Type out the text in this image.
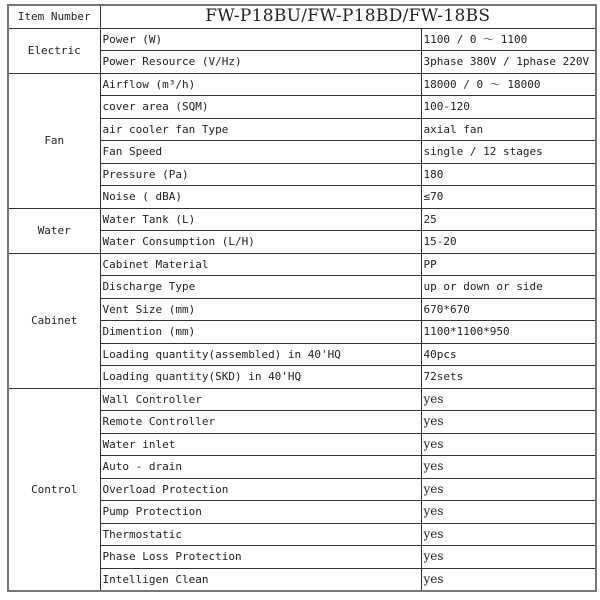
Item Number	FW-P18BU/FW-P18BD/FW-18BS	
Electric	Power (W)	1100 / 0 ～ 1100
	Power Resource (V/Hz)	3phase 380V / 1phase 220V
Fan	Airflow (m³/h)	18000 / 0 ～ 18000
	cover area (SQM)	100-120
	air cooler fan Type	axial fan
	Fan Speed	single / 12 stages
	Pressure (Pa)	180
	Noise ( dBA)	≤70
Water	Water Tank (L)	25
	Water Consumption (L/H)	15-20
Cabinet	Cabinet Material	PP
	Discharge Type	up or down or side
	Vent Size (mm)	670*670
	Dimention (mm)	1100*1100*950
	Loading quantity(assembled) in 40'HQ	40pcs
	Loading quantity(SKD) in 40'HQ	72sets
Control	Wall Controller	yes
	Remote Controller	yes
	Water inlet	yes
	Auto - drain	yes
	Overload Protection	yes
	Pump Protection	yes
	Thermostatic	yes
	Phase Loss Protection	yes
	Intelligen Clean	yes
